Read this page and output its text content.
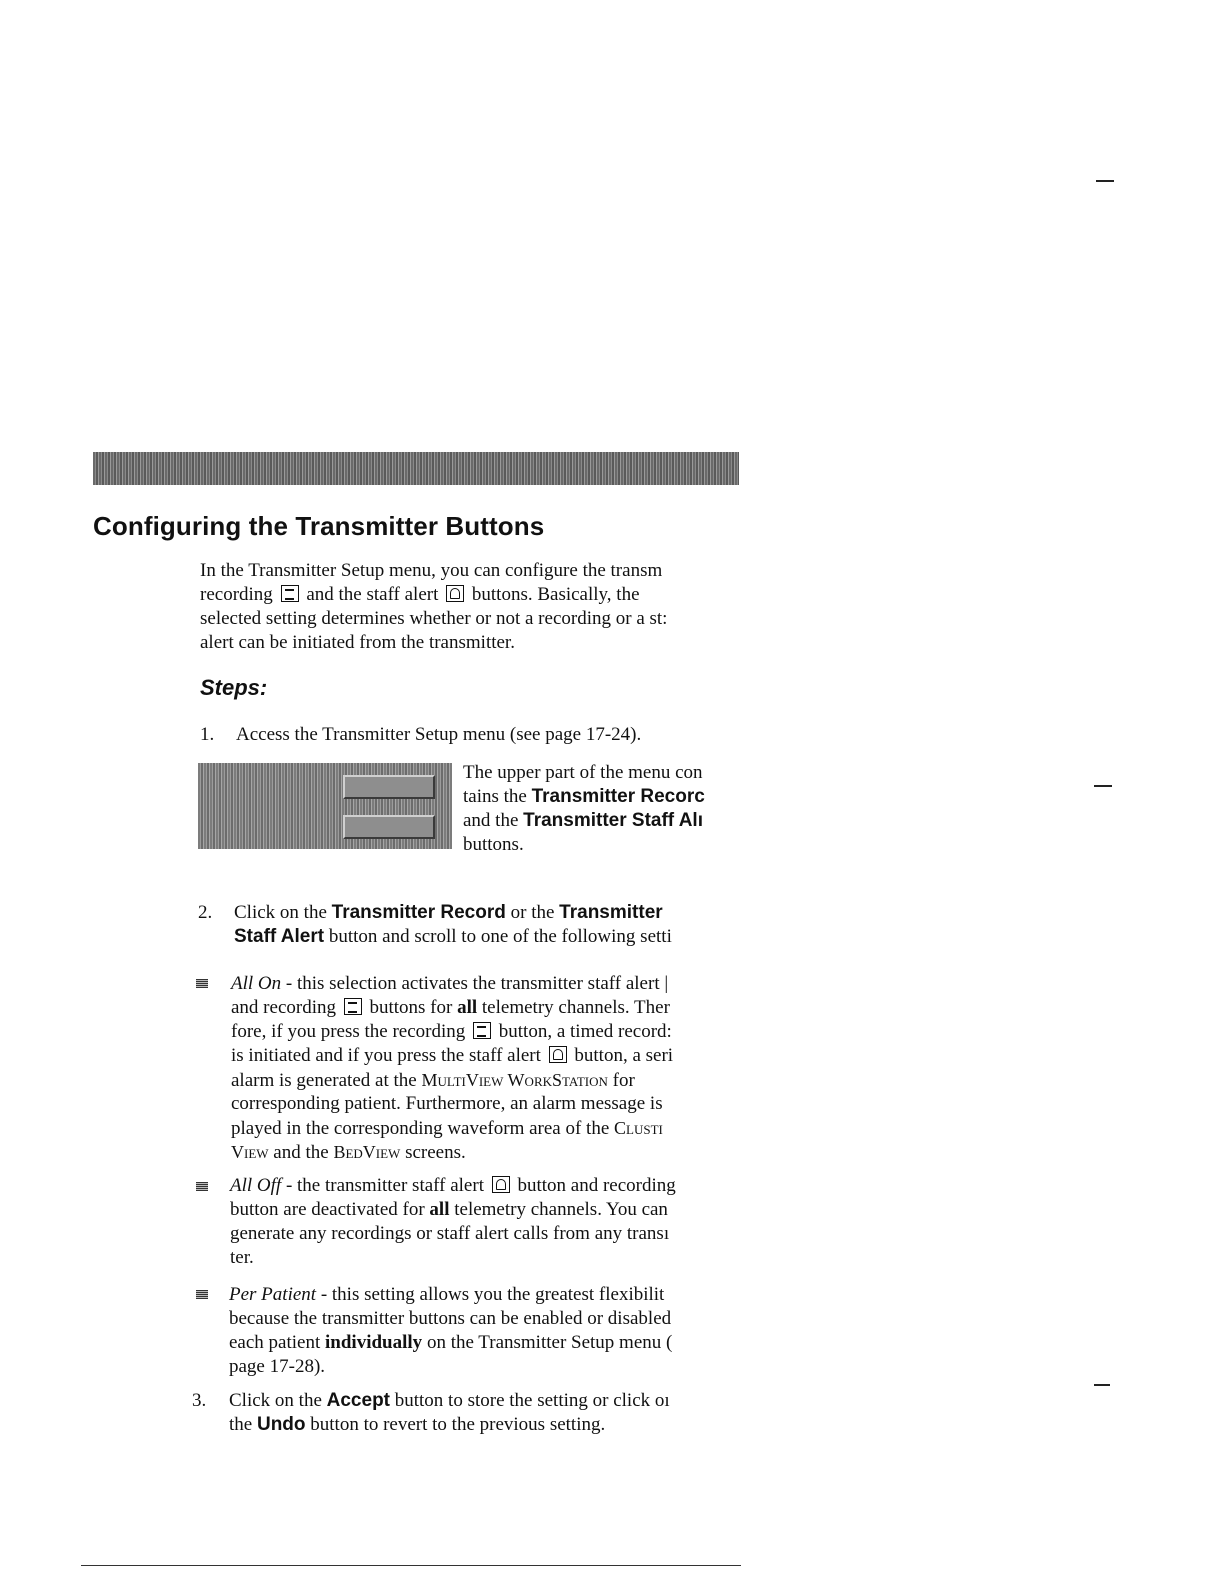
Configuring the Transmitter Buttons

In the Transmitter Setup menu, you can configure the transm

recording  and the staff alert  buttons. Basically, the

selected setting determines whether or not a recording or a st:

alert can be initiated from the transmitter.

Steps:

1. Access the Transmitter Setup menu (see page 17-24).

The upper part of the menu con

tains the Transmitter Recorc

and the Transmitter Staff Alı

buttons.

2. Click on the Transmitter Record or the Transmitter

Staff Alert button and scroll to one of the following setti

All On - this selection activates the transmitter staff alert |

and recording  buttons for all telemetry channels. Ther

fore, if you press the recording  button, a timed record:

is initiated and if you press the staff alert  button, a seri

alarm is generated at the MultiView WorkStation for

corresponding patient. Furthermore, an alarm message is

played in the corresponding waveform area of the Clusti

View and the BedView screens.

All Off - the transmitter staff alert  button and recording

button are deactivated for all telemetry channels. You can

generate any recordings or staff alert calls from any transı

ter.

Per Patient - this setting allows you the greatest flexibilit

because the transmitter buttons can be enabled or disabled

each patient individually on the Transmitter Setup menu (

page 17-28).

3. Click on the Accept button to store the setting or click oı

the Undo button to revert to the previous setting.
